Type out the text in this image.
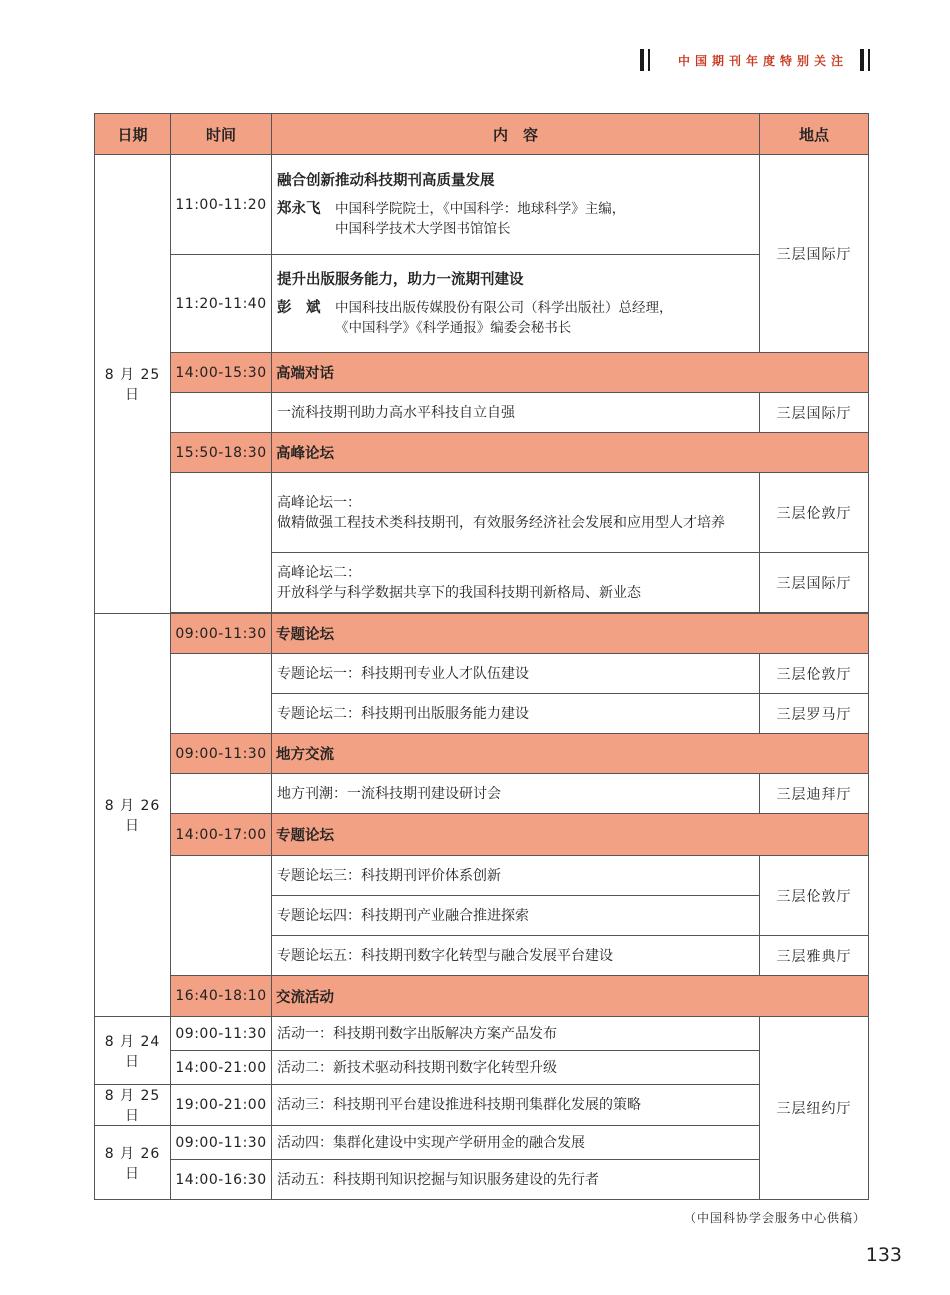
中国期刊年度特别关注
日期	时间	内　容	地点
8 月 25 日	11:00-11:20	融合创新推动科技期刊高质量发展
郑永飞 中国科学院院士，《中国科学：地球科学》主编，
中国科学技术大学图书馆馆长	三层国际厅
	11:20-11:40	提升出版服务能力，助力一流期刊建设
彭　斌 中国科技出版传媒股份有限公司（科学出版社）总经理，
《中国科学》《科学通报》编委会秘书长	

	14:00-15:30	高端对话	
		一流科技期刊助力高水平科技自立自强	三层国际厅
	15:50-18:30	高峰论坛	

		高峰论坛一：
做精做强工程技术类科技期刊，有效服务经济社会发展和应用型人才培养	三层伦敦厅

		高峰论坛二：
开放科学与科学数据共享下的我国科技期刊新格局、新业态	三层国际厅

8 月 26 日	09:00-11:30	专题论坛	
		专题论坛一：科技期刊专业人才队伍建设	三层伦敦厅
		专题论坛二：科技期刊出版服务能力建设	三层罗马厅
	09:00-11:30	地方交流	
		地方刊潮：一流科技期刊建设研讨会	三层迪拜厅
	14:00-17:00	专题论坛	
		专题论坛三：科技期刊评价体系创新	三层伦敦厅
		专题论坛四：科技期刊产业融合推进探索	
		专题论坛五：科技期刊数字化转型与融合发展平台建设	三层雅典厅
	16:40-18:10	交流活动	
8 月 24 日	09:00-11:30	活动一：科技期刊数字出版解决方案产品发布	三层纽约厅
	14:00-21:00	活动二：新技术驱动科技期刊数字化转型升级	
8 月 25 日	19:00-21:00	活动三：科技期刊平台建设推进科技期刊集群化发展的策略	
8 月 26 日	09:00-11:30	活动四：集群化建设中实现产学研用金的融合发展	
	14:00-16:30	活动五：科技期刊知识挖掘与知识服务建设的先行者	
（中国科协学会服务中心供稿）
133
